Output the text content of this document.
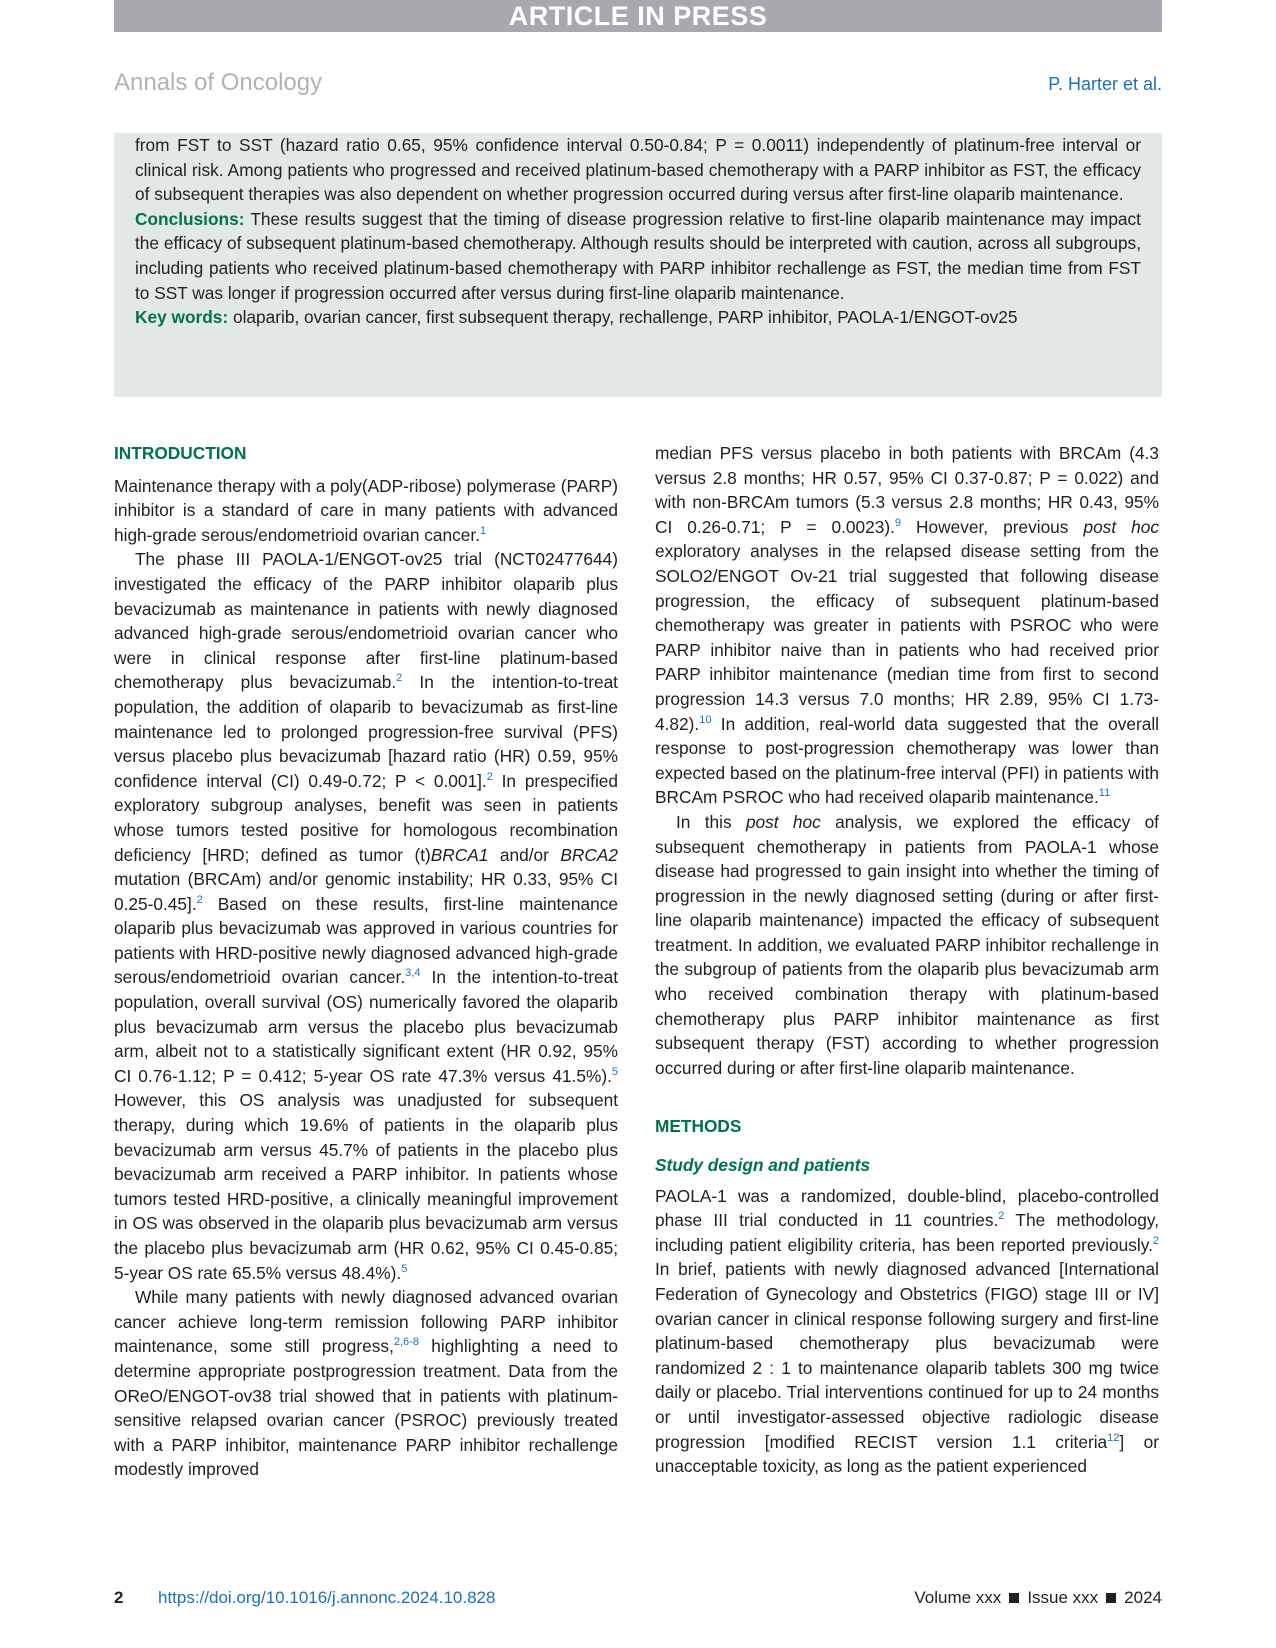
ARTICLE IN PRESS
Annals of Oncology	P. Harter et al.

from FST to SST (hazard ratio 0.65, 95% confidence interval 0.50-0.84; P = 0.0011) independently of platinum-free interval or clinical risk. Among patients who progressed and received platinum-based chemotherapy with a PARP inhibitor as FST, the efficacy of subsequent therapies was also dependent on whether progression occurred during versus after first-line olaparib maintenance.

Conclusions: These results suggest that the timing of disease progression relative to first-line olaparib maintenance may impact the efficacy of subsequent platinum-based chemotherapy. Although results should be interpreted with caution, across all subgroups, including patients who received platinum-based chemotherapy with PARP inhibitor rechallenge as FST, the median time from FST to SST was longer if progression occurred after versus during first-line olaparib maintenance.

Key words: olaparib, ovarian cancer, first subsequent therapy, rechallenge, PARP inhibitor, PAOLA-1/ENGOT-ov25

INTRODUCTION

Maintenance therapy with a poly(ADP-ribose) polymerase (PARP) inhibitor is a standard of care in many patients with advanced high-grade serous/endometrioid ovarian cancer.$^1$

The phase III PAOLA-1/ENGOT-ov25 trial (NCT02477644) investigated the efficacy of the PARP inhibitor olaparib plus bevacizumab as maintenance in patients with newly diagnosed advanced high-grade serous/endometrioid ovarian cancer who were in clinical response after first-line platinum-based chemotherapy plus bevacizumab.$^2$ In the intention-to-treat population, the addition of olaparib to bevacizumab as first-line maintenance led to prolonged progression-free survival (PFS) versus placebo plus bevacizumab [hazard ratio (HR) 0.59, 95% confidence interval (CI) 0.49-0.72; P < 0.001].$^2$ In prespecified exploratory subgroup analyses, benefit was seen in patients whose tumors tested positive for homologous recombination deficiency [HRD; defined as tumor (t)BRCA1 and/or BRCA2 mutation (BRCAm) and/or genomic instability; HR 0.33, 95% CI 0.25-0.45].$^2$ Based on these results, first-line maintenance olaparib plus bevacizumab was approved in various countries for patients with HRD-positive newly diagnosed advanced high-grade serous/endometrioid ovarian cancer.$^{3,4}$ In the intention-to-treat population, overall survival (OS) numerically favored the olaparib plus bevacizumab arm versus the placebo plus bevacizumab arm, albeit not to a statistically significant extent (HR 0.92, 95% CI 0.76-1.12; P = 0.412; 5-year OS rate 47.3% versus 41.5%).$^5$ However, this OS analysis was unadjusted for subsequent therapy, during which 19.6% of patients in the olaparib plus bevacizumab arm versus 45.7% of patients in the placebo plus bevacizumab arm received a PARP inhibitor. In patients whose tumors tested HRD-positive, a clinically meaningful improvement in OS was observed in the olaparib plus bevacizumab arm versus the placebo plus bevacizumab arm (HR 0.62, 95% CI 0.45-0.85; 5-year OS rate 65.5% versus 48.4%).$^5$

While many patients with newly diagnosed advanced ovarian cancer achieve long-term remission following PARP inhibitor maintenance, some still progress,$^{2,6-8}$ highlighting a need to determine appropriate postprogression treatment. Data from the OReO/ENGOT-ov38 trial showed that in patients with platinum-sensitive relapsed ovarian cancer (PSROC) previously treated with a PARP inhibitor, maintenance PARP inhibitor rechallenge modestly improved

median PFS versus placebo in both patients with BRCAm (4.3 versus 2.8 months; HR 0.57, 95% CI 0.37-0.87; P = 0.022) and with non-BRCAm tumors (5.3 versus 2.8 months; HR 0.43, 95% CI 0.26-0.71; P = 0.0023).$^9$ However, previous post hoc exploratory analyses in the relapsed disease setting from the SOLO2/ENGOT Ov-21 trial suggested that following disease progression, the efficacy of subsequent platinum-based chemotherapy was greater in patients with PSROC who were PARP inhibitor naive than in patients who had received prior PARP inhibitor maintenance (median time from first to second progression 14.3 versus 7.0 months; HR 2.89, 95% CI 1.73-4.82).$^{10}$ In addition, real-world data suggested that the overall response to post-progression chemotherapy was lower than expected based on the platinum-free interval (PFI) in patients with BRCAm PSROC who had received olaparib maintenance.$^{11}$

In this post hoc analysis, we explored the efficacy of subsequent chemotherapy in patients from PAOLA-1 whose disease had progressed to gain insight into whether the timing of progression in the newly diagnosed setting (during or after first-line olaparib maintenance) impacted the efficacy of subsequent treatment. In addition, we evaluated PARP inhibitor rechallenge in the subgroup of patients from the olaparib plus bevacizumab arm who received combination therapy with platinum-based chemotherapy plus PARP inhibitor maintenance as first subsequent therapy (FST) according to whether progression occurred during or after first-line olaparib maintenance.

METHODS
Study design and patients

PAOLA-1 was a randomized, double-blind, placebo-controlled phase III trial conducted in 11 countries.$^2$ The methodology, including patient eligibility criteria, has been reported previously.$^2$ In brief, patients with newly diagnosed advanced [International Federation of Gynecology and Obstetrics (FIGO) stage III or IV] ovarian cancer in clinical response following surgery and first-line platinum-based chemotherapy plus bevacizumab were randomized 2 : 1 to maintenance olaparib tablets 300 mg twice daily or placebo. Trial interventions continued for up to 24 months or until investigator-assessed objective radiologic disease progression [modified RECIST version 1.1 criteria$^{12}$] or unacceptable toxicity, as long as the patient experienced

2 https://doi.org/10.1016/j.annonc.2024.10.828	Volume xxx Issue xxx 2024
